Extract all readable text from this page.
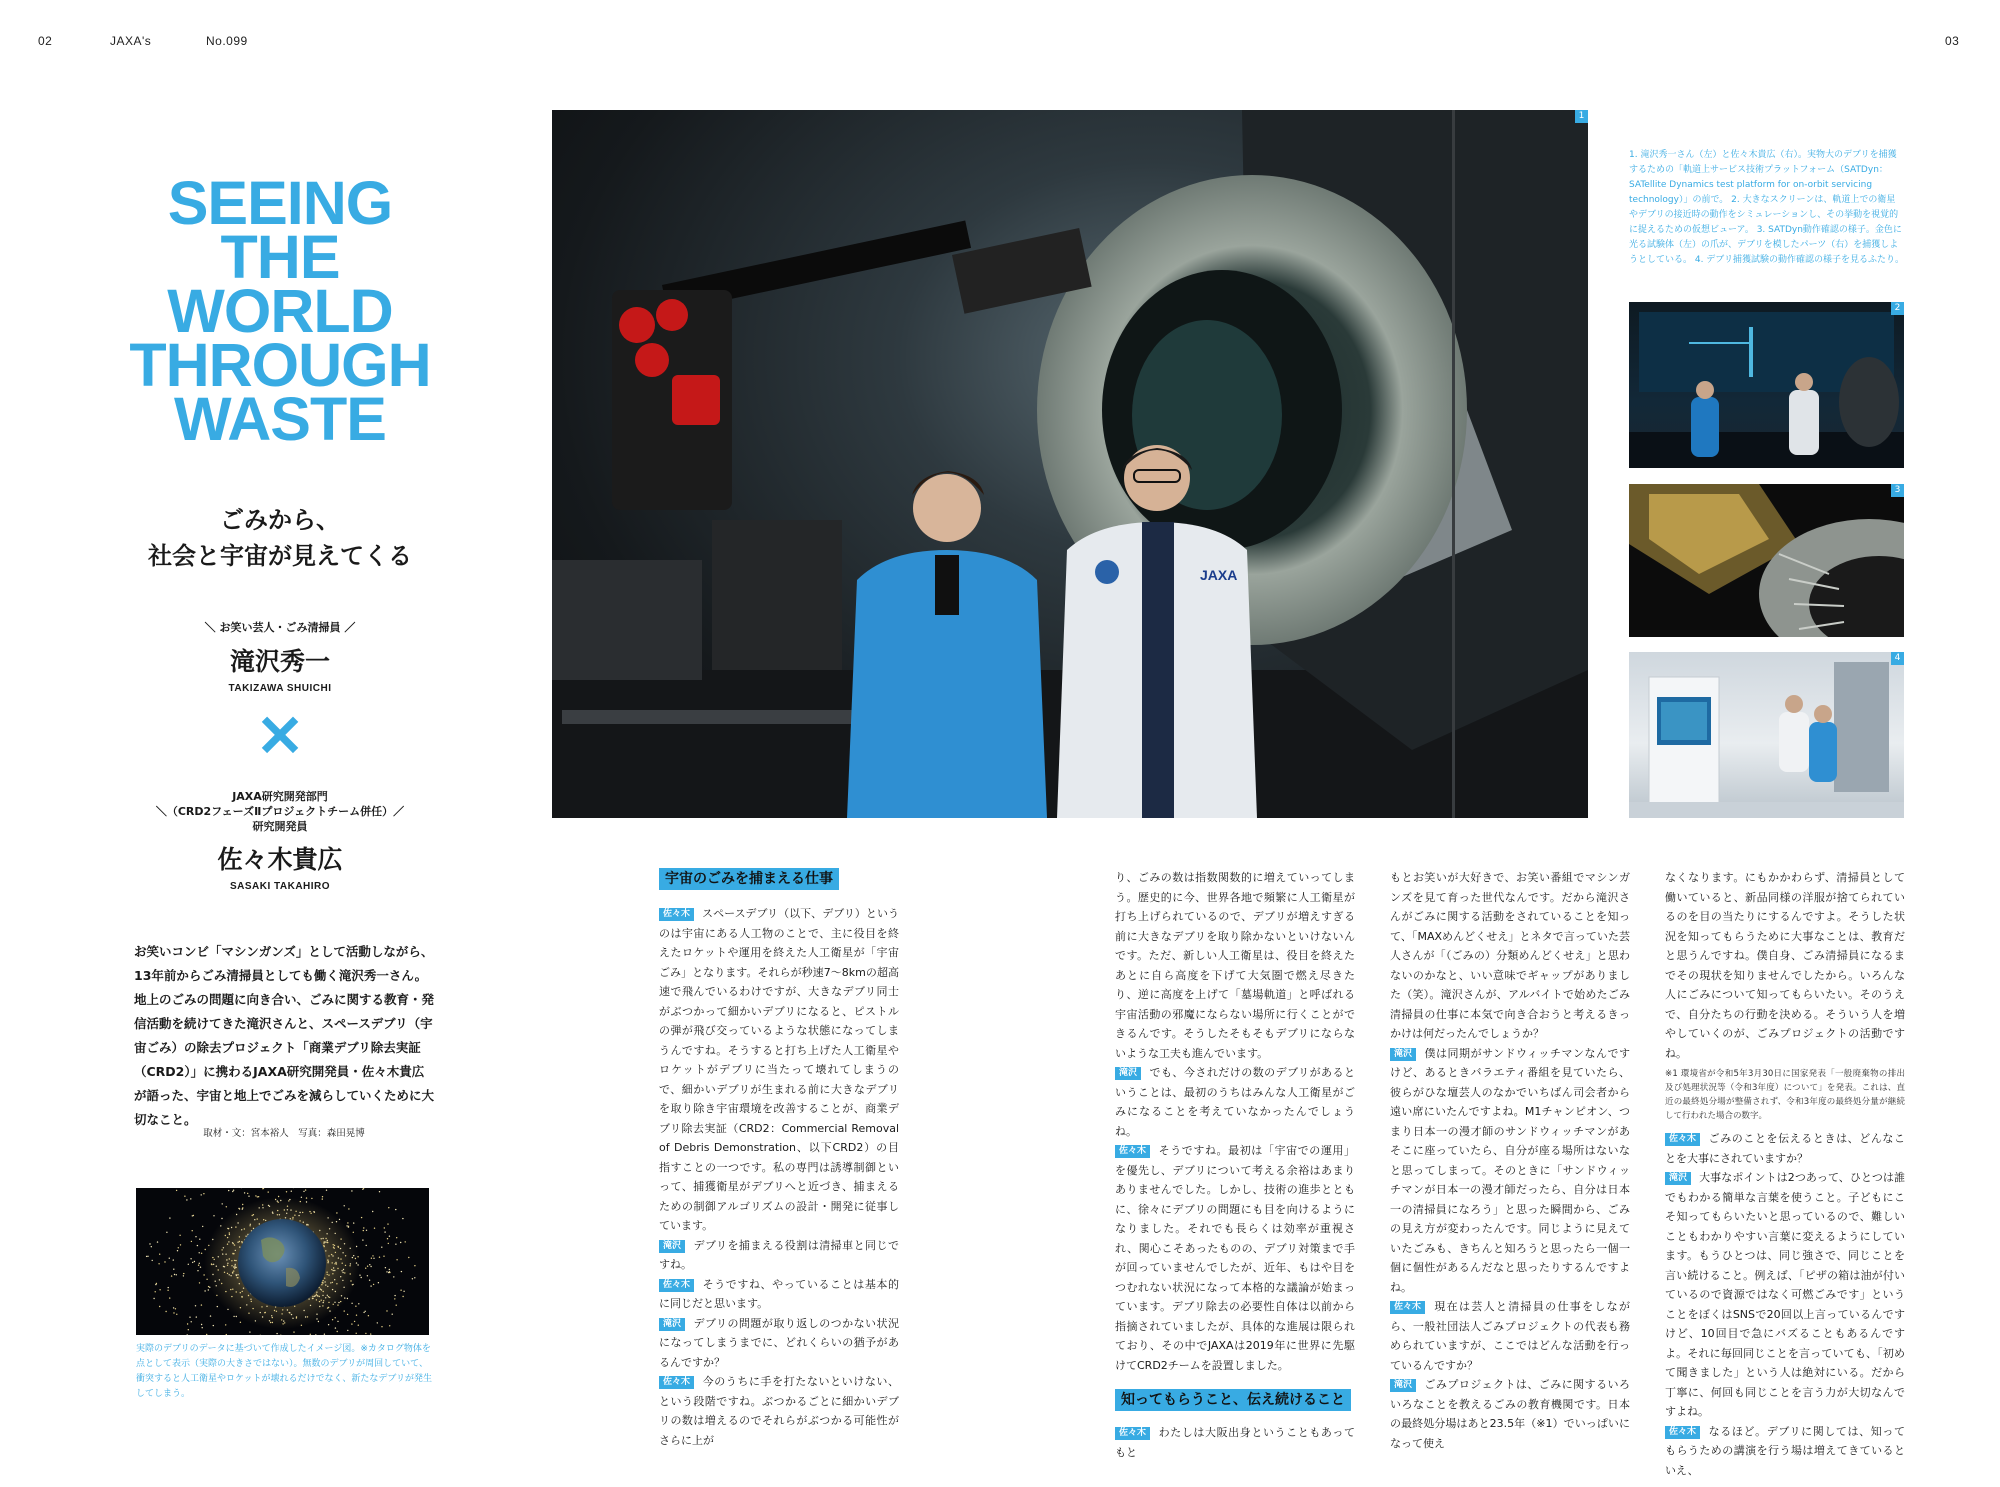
02	JAXA's	No.099	03
SEEING
THE
WORLD
THROUGH
WASTE
ごみから、
社会と宇宙が見えてくる
＼ お笑い芸人・ごみ清掃員 ／
滝沢秀一
TAKIZAWA SHUICHI
✕
JAXA研究開発部門
＼（CRD2フェーズⅡプロジェクトチーム併任）／
研究開発員
佐々木貴広
SASAKI TAKAHIRO
お笑いコンビ「マシンガンズ」として活動しながら、13年前からごみ清掃員としても働く滝沢秀一さん。地上のごみの問題に向き合い、ごみに関する教育・発信活動を続けてきた滝沢さんと、スペースデブリ（宇宙ごみ）の除去プロジェクト「商業デブリ除去実証（CRD2）」に携わるJAXA研究開発員・佐々木貴広が語った、宇宙と地上でごみを減らしていくために大切なこと。
取材・文：宮本裕人　写真：森田晃博
実際のデブリのデータに基づいて作成したイメージ図。※カタログ物体を点として表示（実際の大きさではない）。無数のデブリが周回していて、衝突すると人工衛星やロケットが壊れるだけでなく、新たなデブリが発生してしまう。
JAXA
1
1. 滝沢秀一さん（左）と佐々木貴広（右）。実物大のデブリを捕獲するための「軌道上サービス技術プラットフォーム（SATDyn：SATellite Dynamics test platform for on-orbit servicing technology）」の前で。 2. 大きなスクリーンは、軌道上での衛星やデブリの接近時の動作をシミュレーションし、その挙動を視覚的に捉えるための仮想ビューア。 3. SATDyn動作確認の様子。金色に光る試験体（左）の爪が、デブリを模したパーツ（右）を捕獲しようとしている。 4. デブリ捕獲試験の動作確認の様子を見るふたり。
2
3
4
宇宙のごみを捕まえる仕事

佐々木 スペースデブリ（以下、デブリ）というのは宇宙にある人工物のことで、主に役目を終えたロケットや運用を終えた人工衛星が「宇宙ごみ」となります。それらが秒速7〜8kmの超高速で飛んでいるわけですが、大きなデブリ同士がぶつかって細かいデブリになると、ピストルの弾が飛び交っているような状態になってしまうんですね。そうすると打ち上げた人工衛星やロケットがデブリに当たって壊れてしまうので、細かいデブリが生まれる前に大きなデブリを取り除き宇宙環境を改善することが、商業デブリ除去実証（CRD2：Commercial Removal of Debris Demonstration、以下CRD2）の目指すことの一つです。私の専門は誘導制御といって、捕獲衛星がデブリへと近づき、捕まえるための制御アルゴリズムの設計・開発に従事しています。

滝沢 デブリを捕まえる役割は清掃車と同じですね。

佐々木 そうですね、やっていることは基本的に同じだと思います。

滝沢 デブリの問題が取り返しのつかない状況になってしまうまでに、どれくらいの猶予があるんですか？

佐々木 今のうちに手を打たないといけない、という段階ですね。ぶつかるごとに細かいデブリの数は増えるのでそれらがぶつかる可能性がさらに上が

り、ごみの数は指数関数的に増えていってしまう。歴史的に今、世界各地で頻繁に人工衛星が打ち上げられているので、デブリが増えすぎる前に大きなデブリを取り除かないといけないんです。ただ、新しい人工衛星は、役目を終えたあとに自ら高度を下げて大気圏で燃え尽きたり、逆に高度を上げて「墓場軌道」と呼ばれる宇宙活動の邪魔にならない場所に行くことができるんです。そうしたそもそもデブリにならないような工夫も進んでいます。

滝沢 でも、今されだけの数のデブリがあるということは、最初のうちはみんな人工衛星がごみになることを考えていなかったんでしょうね。

佐々木 そうですね。最初は「宇宙での運用」を優先し、デブリについて考える余裕はあまりありませんでした。しかし、技術の進歩とともに、徐々にデブリの問題にも目を向けるようになりました。それでも長らくは効率が重視され、関心こそあったものの、デブリ対策まで手が回っていませんでしたが、近年、もはや目をつむれない状況になって本格的な議論が始まっています。デブリ除去の必要性自体は以前から指摘されていましたが、具体的な進展は限られており、その中でJAXAは2019年に世界に先駆けてCRD2チームを設置しました。

知ってもらうこと、伝え続けること

佐々木 わたしは大阪出身ということもあってもと

もとお笑いが大好きで、お笑い番組でマシンガンズを見て育った世代なんです。だから滝沢さんがごみに関する活動をされていることを知って、「MAXめんどくせえ」とネタで言っていた芸人さんが「（ごみの）分類めんどくせえ」と思わないのかなと、いい意味でギャップがありました（笑）。滝沢さんが、アルバイトで始めたごみ清掃員の仕事に本気で向き合おうと考えるきっかけは何だったんでしょうか？

滝沢 僕は同期がサンドウィッチマンなんですけど、あるときバラエティ番組を見ていたら、彼らがひな壇芸人のなかでいちばん司会者から遠い席にいたんですよね。M1チャンピオン、つまり日本一の漫才師のサンドウィッチマンがあそこに座っていたら、自分が座る場所はないなと思ってしまって。そのときに「サンドウィッチマンが日本一の漫才師だったら、自分は日本一の清掃員になろう」と思った瞬間から、ごみの見え方が変わったんです。同じように見えていたごみも、きちんと知ろうと思ったら一個一個に個性があるんだなと思ったりするんですよね。

佐々木 現在は芸人と清掃員の仕事をしながら、一般社団法人ごみプロジェクトの代表も務められていますが、ここではどんな活動を行っているんですか？

滝沢 ごみプロジェクトは、ごみに関するいろいろなことを教えるごみの教育機関です。日本の最終処分場はあと23.5年（※1）でいっぱいになって使え

なくなります。にもかかわらず、清掃員として働いていると、新品同様の洋服が捨てられているのを目の当たりにするんですよ。そうした状況を知ってもらうために大事なことは、教育だと思うんですね。僕自身、ごみ清掃員になるまでその現状を知りませんでしたから。いろんな人にごみについて知ってもらいたい。そのうえで、自分たちの行動を決める。そういう人を増やしていくのが、ごみプロジェクトの活動ですね。

※1 環境省が令和5年3月30日に国家発表「一般廃棄物の排出及び処理状況等（令和3年度）について」を発表。これは、直近の最終処分場が整備されず、令和3年度の最終処分量が継続して行われた場合の数字。

佐々木 ごみのことを伝えるときは、どんなことを大事にされていますか？

滝沢 大事なポイントは2つあって、ひとつは誰でもわかる簡単な言葉を使うこと。子どもにこそ知ってもらいたいと思っているので、難しいこともわかりやすい言葉に変えるようにしています。もうひとつは、同じ強さで、同じことを言い続けること。例えば、「ピザの箱は油が付いているので資源ではなく可燃ごみです」ということをぼくはSNSで20回以上言っているんですけど、10回目で急にバズることもあるんですよ。それに毎回同じことを言っていても、「初めて聞きました」という人は絶対にいる。だから丁寧に、何回も同じことを言う力が大切なんですよね。

佐々木 なるほど。デブリに関しては、知ってもらうための講演を行う場は増えてきているといえ、
